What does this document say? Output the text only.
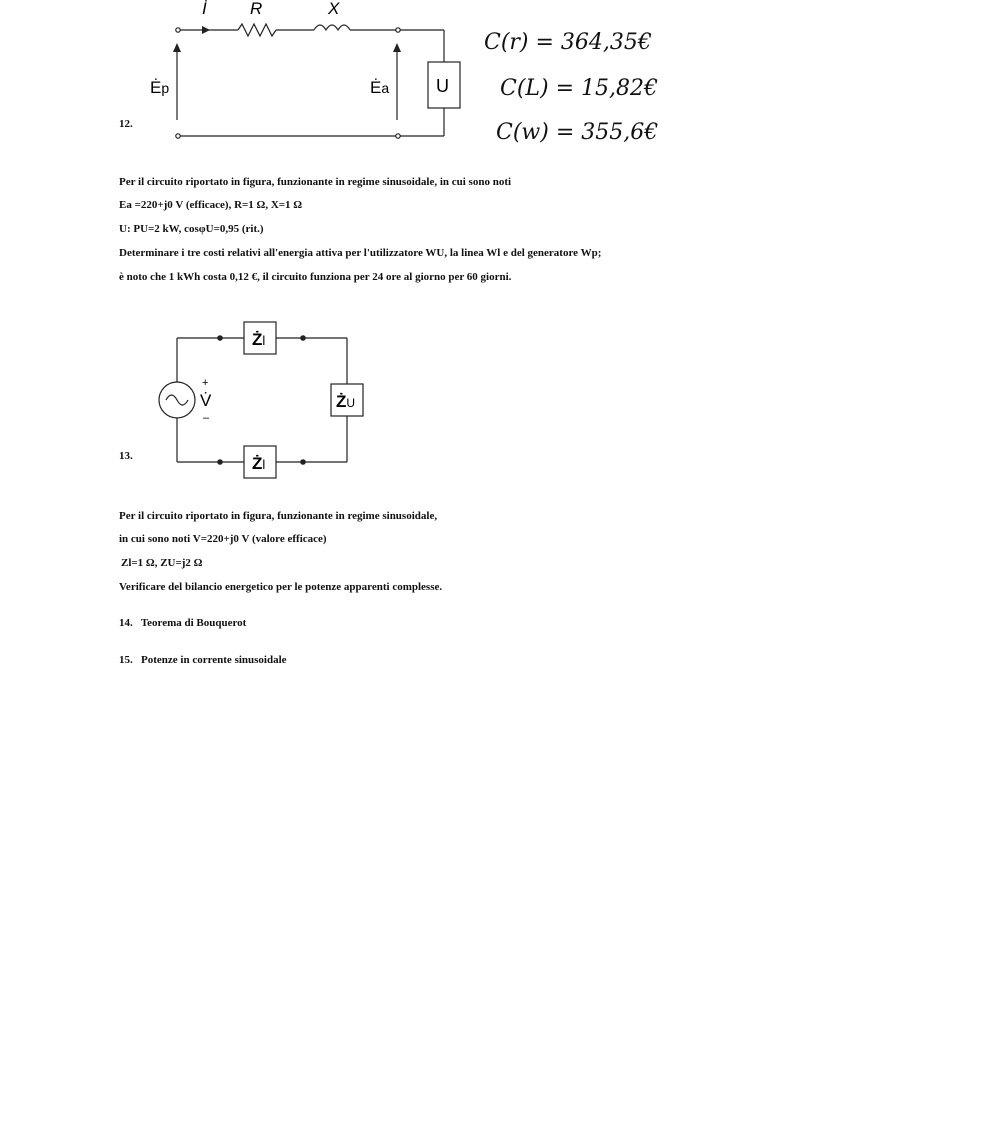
İ	R	X
Ėp	Ėa	U
C(r) = 364,35€
C(L) = 15,82€
C(w) = 355,6€
12.
Per il circuito riportato in figura, funzionante in regime sinusoidale, in cui sono noti
Ea =220+j0 V (efficace), R=1 Ω, X=1 Ω
U: PU=2 kW, cosφU=0,95 (rit.)
Determinare i tre costi relativi all'energia attiva per l'utilizzatore WU, la linea Wl e del generatore Wp;
è noto che 1 kWh costa 0,12 €, il circuito funziona per 24 ore al giorno per 60 giorni.
Żl
ŻU
Żl
+
V̇
–
13.
Per il circuito riportato in figura, funzionante in regime sinusoidale,
in cui sono noti V=220+j0 V (valore efficace)
Zl=1 Ω, ZU=j2 Ω
Verificare del bilancio energetico per le potenze apparenti complesse.
14. Teorema di Bouquerot
15. Potenze in corrente sinusoidale
